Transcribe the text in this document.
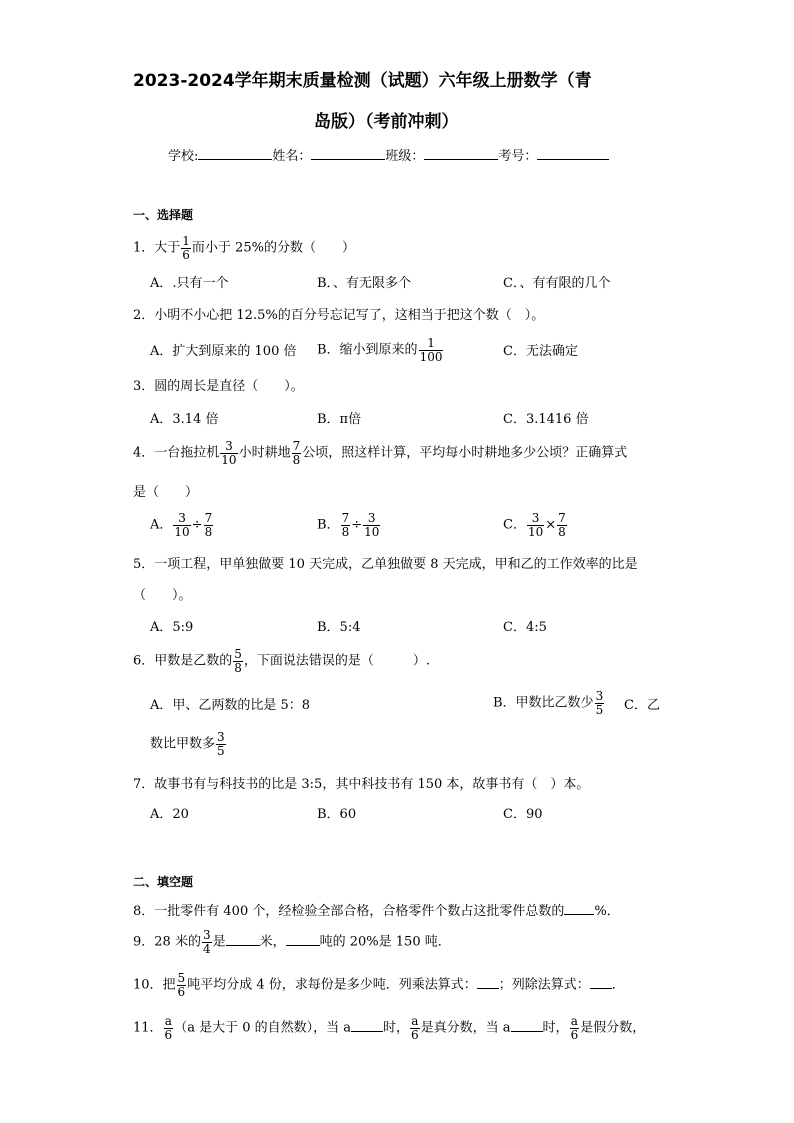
2023-2024学年期末质量检测（试题）六年级上册数学（青
岛版）（考前冲刺）
学校:	姓名：	班级：	考号：
一、选择题
1．大于 $\frac{1}{6}$ 而小于 25%的分数（　　）
A．.只有一个	B．、有无限多个	C．、有有限的几个
2．小明不小心把 12.5%的百分号忘记写了，这相当于把这个数（　）。
A．扩大到原来的 100 倍 B．缩小到原来的 $\frac{1}{100}$	C．无法确定
3．圆的周长是直径（　　）。
A．3.14 倍	B．π倍	C．3.1416 倍
4．一台拖拉机 $\frac{3}{10}$ 小时耕地 $\frac{7}{8}$ 公顷，照这样计算，平均每小时耕地多少公顷？正确算式
是（　　）
A． $\frac{3}{10} \div \frac{7}{8}$	B． $\frac{7}{8} \div \frac{3}{10}$	C． $\frac{3}{10} \times \frac{7}{8}$
5．一项工程，甲单独做要 10 天完成，乙单独做要 8 天完成，甲和乙的工作效率的比是
（　　）。
A．5:9	B．5:4	C．4:5
6．甲数是乙数的 $\frac{5}{8}$ ，下面说法错误的是（　　　）.
A．甲、乙两数的比是 5：8	B．甲数比乙数少 $\frac{3}{5}$ C．乙
数比甲数多 $\frac{3}{5}$
7．故事书有与科技书的比是 3:5，其中科技书有 150 本，故事书有（　）本。
A．20	B．60	C．90
二、填空题
8．一批零件有 400 个，经检验全部合格，合格零件个数占这批零件总数的 %．
9．28 米的 $\frac{3}{4}$ 是	米，	吨的 20%是 150 吨．
10．把 $\frac{5}{6}$ 吨平均分成 4 份，求每份是多少吨．列乘法算式： ；列除法算式： ．
11． $\frac{a}{6} (a$ 是大于 0 的自然数），当 a 时， $\frac{a}{6}$ 是真分数，当 a 时， $\frac{a}{6}$ 是假分数，
